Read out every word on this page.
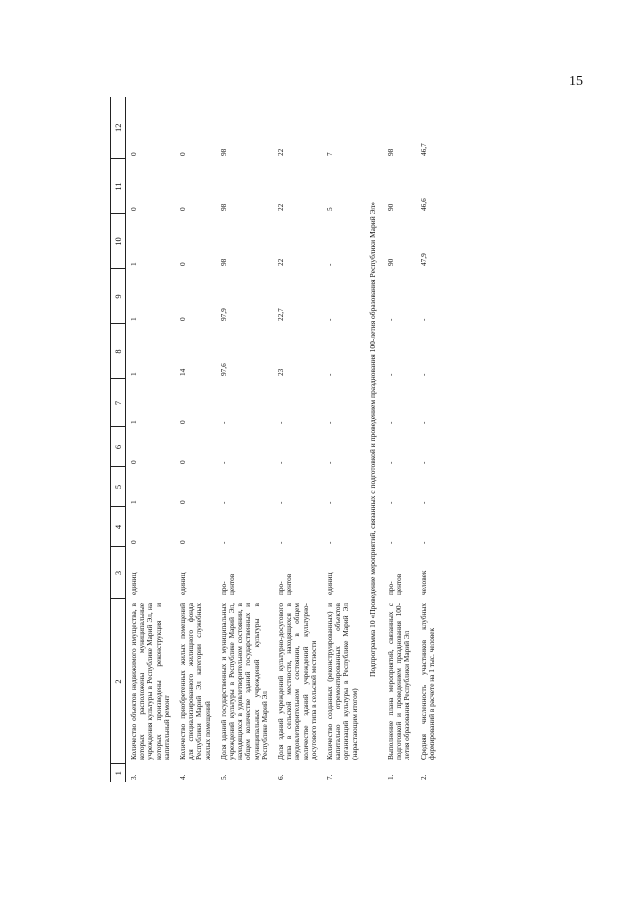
15
1	2	3	4	5	6	7	8	9	10	11	12
3.	Количество объектов недвижимого имущества, в которых расположены муниципальные учреждения культуры в Республике Марий Эл, на которых произведены реконструкция и капитальный ремонт	единиц	0	1	0	1	1	1	1	0	0
4.	Количество приобретенных жилых помещений для специализированного жилищного фонда Республики Марий Эл категории служебных жилых помещений	единиц	0	0	0	0	14	0	0	0	0
5.	Доля зданий государственных и муниципальных учреждений культуры в Республике Марий Эл, находящихся в удовлетворительном состоянии, в общем количестве зданий государственных и муниципальных учреждений культуры в Республике Марий Эл	про-
центов	-	-	-	-	97,6	97,9	98	98	98
6.	Доля зданий учреждений культурно-досугового типа в сельской местности, находящихся в неудовлетворительном состоянии, в общем количестве зданий учреждений культурно-досугового типа в сельской местности	про-
центов	-	-	-	-	23	22,7	22	22	22
7.	Количество созданных (реконструированных) и капитально отремонтированных объектов организаций культуры в Республике Марий Эл (нарастающим итогом)	единиц	-	-	-	-	-	-	-	5	7
Подпрограмма 10 «Проведение мероприятий, связанных с подготовкой и проведением празднования 100-летия образования Республики Марий Эл»											
1.	Выполнение плана мероприятий, связанных с подготовкой и проведением празднования 100-летия образования Республики Марий Эл	про-
центов	-	-	-	-	-	-	90	90	98
2.	Средняя численность участников клубных формирований в расчете на 1 тыс. человек	человек	-	-	-	-	-	-	47,9	46,6	46,7
